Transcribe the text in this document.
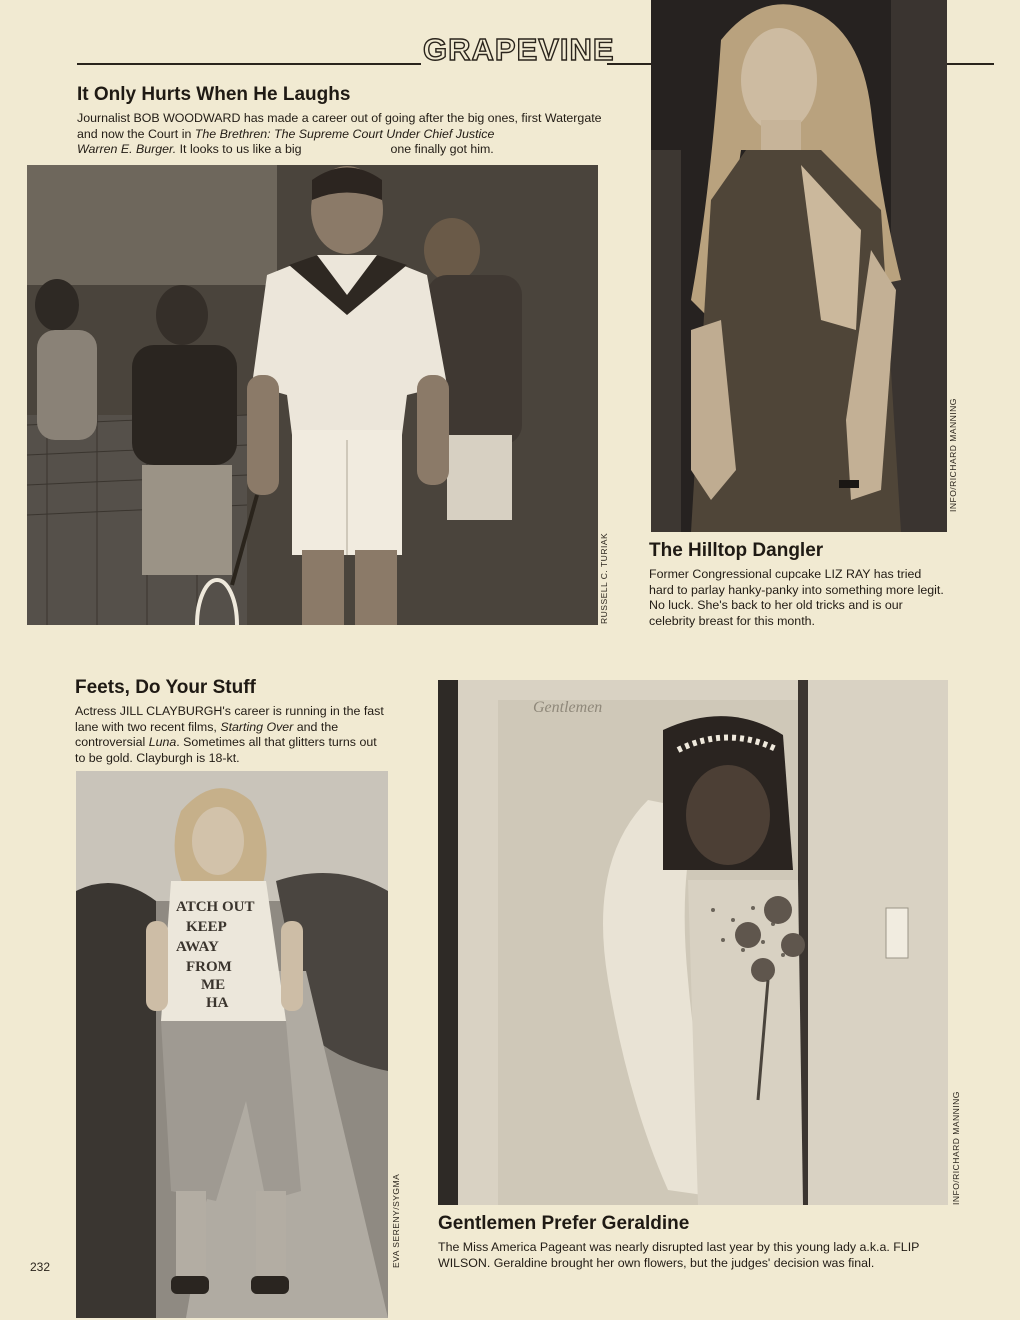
GRAPEVINE
It Only Hurts When He Laughs

Journalist BOB WOODWARD has made a career out of going after the big ones, first Watergate and now the Court in The Brethren: The Supreme Court Under Chief Justice
Warren E. Burger. It looks to us like a big	one finally got him.

RUSSELL C. TURIAK
INFO/RICHARD MANNING
The Hilltop Dangler

Former Congressional cupcake LIZ RAY has tried hard to parlay hanky-panky into something more legit. No luck. She's back to her old tricks and is our celebrity breast for this month.

Feets, Do Your Stuff

Actress JILL CLAYBURGH's career is running in the fast lane with two recent films, Starting Over and the controversial Luna. Sometimes all that glitters turns out to be gold. Clayburgh is 18-kt.

ATCH OUT
KEEP
AWAY
FROM
ME
HA
EVA SERENY/SYGMA
232
Gentlemen
INFO/RICHARD MANNING
Gentlemen Prefer Geraldine

The Miss America Pageant was nearly disrupted last year by this young lady a.k.a. FLIP WILSON. Geraldine brought her own flowers, but the judges' decision was final.
